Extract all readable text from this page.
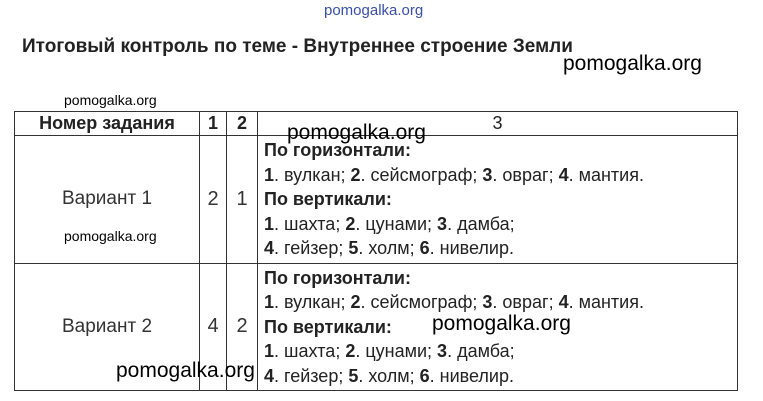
pomogalka.org
Итоговый контроль по теме - Внутреннее строение Земли
Номер задания	1	2	3
Вариант 1	2	1	По горизонтали:
1. вулкан; 2. сейсмограф; 3. овраг; 4. мантия.
По вертикали:
1. шахта; 2. цунами; 3. дамба;
4. гейзер; 5. холм; 6. нивелир.

Вариант 2	4	2	По горизонтали:
1. вулкан; 2. сейсмограф; 3. овраг; 4. мантия.
По вертикали:
1. шахта; 2. цунами; 3. дамба;
4. гейзер; 5. холм; 6. нивелир.
pomogalka.org
pomogalka.org
pomogalka.org
pomogalka.org
pomogalka.org
pomogalka.org
